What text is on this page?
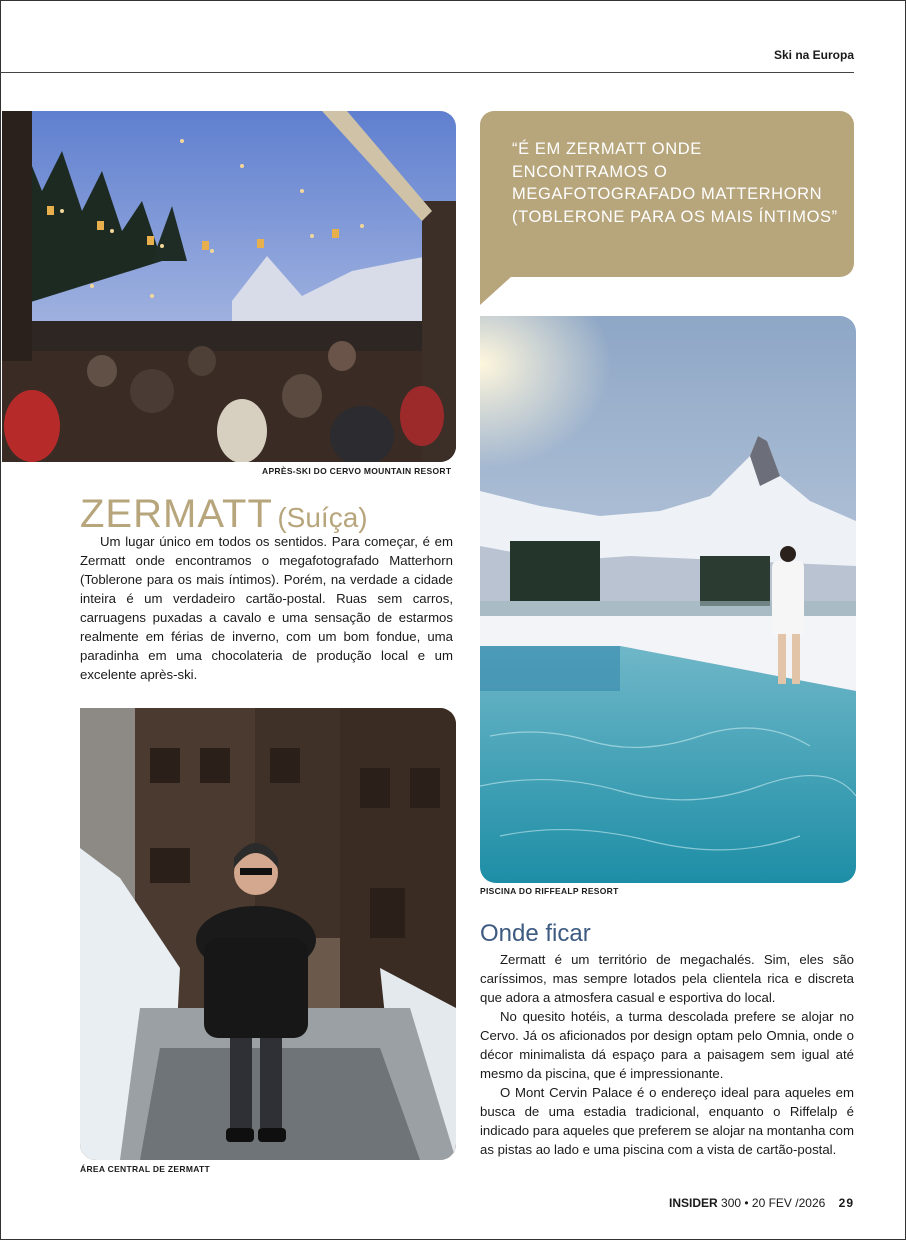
Ski na Europa
APRÈS-SKI DO CERVO MOUNTAIN RESORT
“É EM ZERMATT ONDE ENCONTRAMOS O MEGAFOTOGRAFADO MATTERHORN (TOBLERONE PARA OS MAIS ÍNTIMOS”
PISCINA DO RIFFEALP RESORT
ZERMATT (Suíça)

Um lugar único em todos os sentidos. Para começar, é em Zermatt onde encontramos o megafotografado Matterhorn (Toblerone para os mais íntimos). Porém, na verdade a cidade inteira é um verdadeiro cartão-postal. Ruas sem carros, carruagens puxadas a cavalo e uma sensação de estarmos realmente em férias de inverno, com um bom fondue, uma paradinha em uma chocolateria de produção local e um excelente après-ski.

ÁREA CENTRAL DE ZERMATT
Onde ficar

Zermatt é um território de megachalés. Sim, eles são caríssimos, mas sempre lotados pela clientela rica e discreta que adora a atmosfera casual e esportiva do local.

No quesito hotéis, a turma descolada prefere se alojar no Cervo. Já os aficionados por design optam pelo Omnia, onde o décor minimalista dá espaço para a paisagem sem igual até mesmo da piscina, que é impressionante.

O Mont Cervin Palace é o endereço ideal para aqueles em busca de uma estadia tradicional, enquanto o Riffelalp é indicado para aqueles que preferem se alojar na montanha com as pistas ao lado e uma piscina com a vista de cartão-postal.

INSIDER 300 • 20 FEV /2026 29
